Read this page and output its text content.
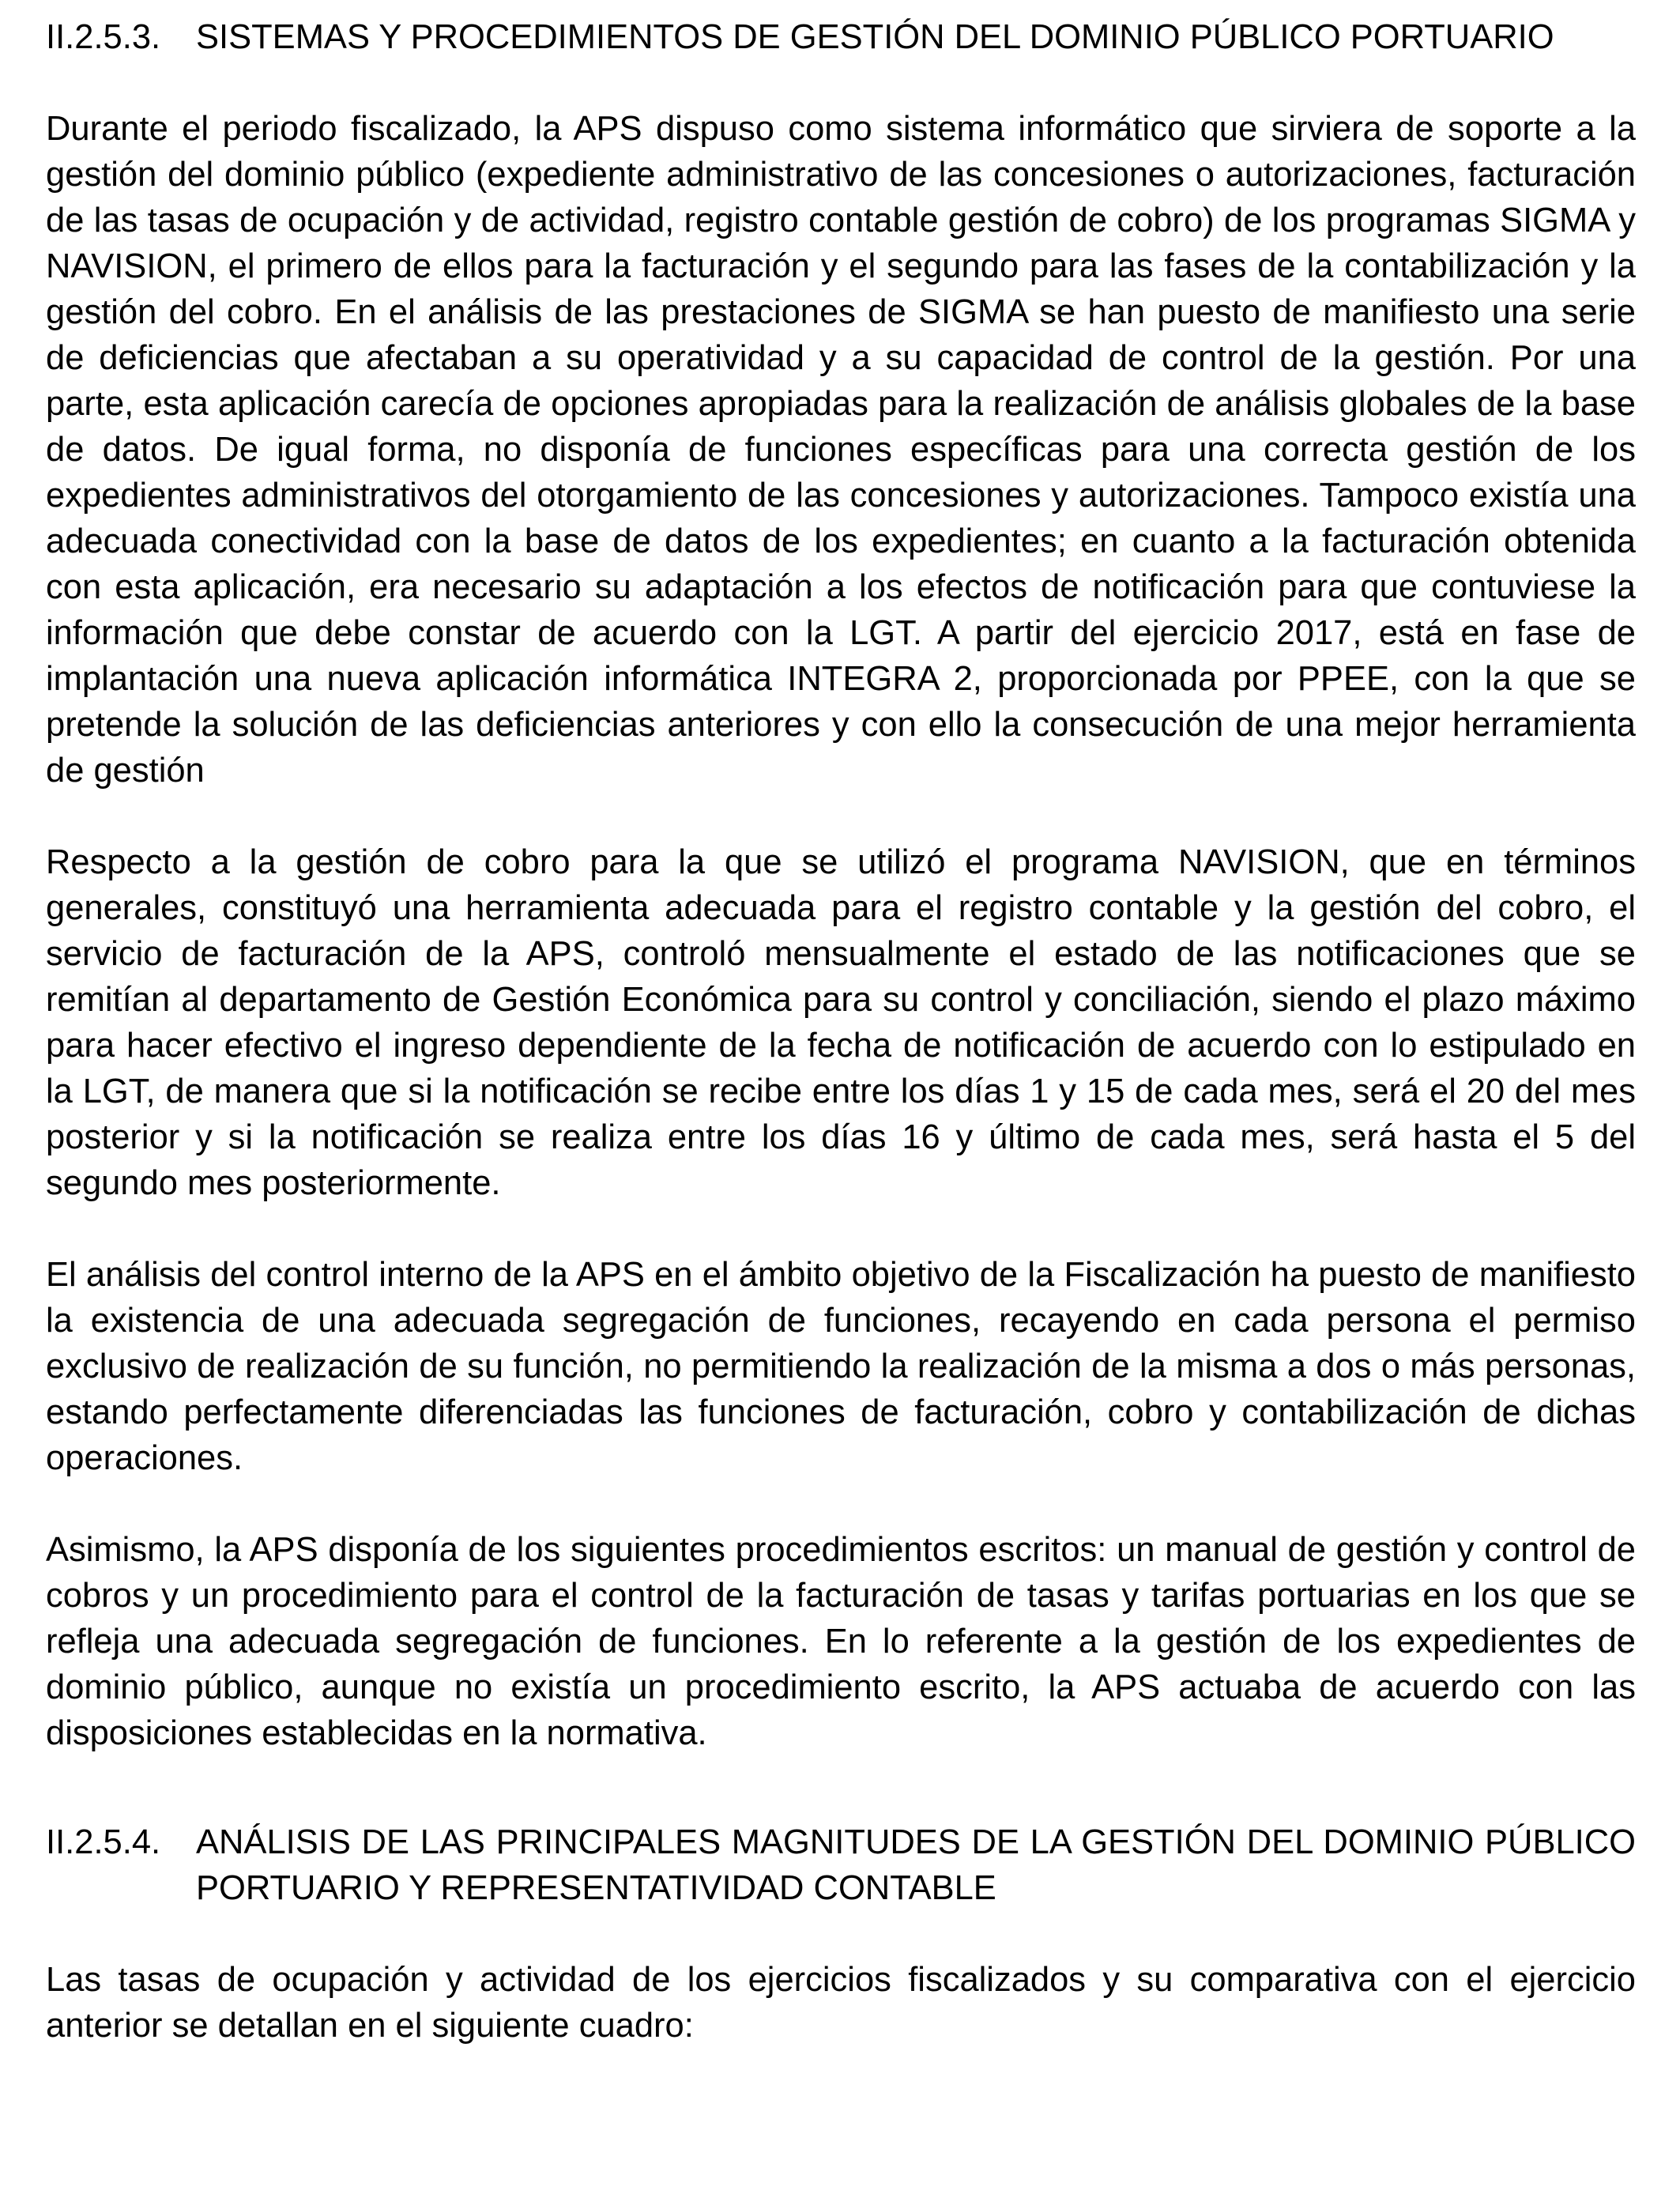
II.2.5.3.	SISTEMAS Y PROCEDIMIENTOS DE GESTIÓN DEL DOMINIO PÚBLICO PORTUARIO

Durante el periodo fiscalizado, la APS dispuso como sistema informático que sirviera de soporte a la gestión del dominio público (expediente administrativo de las concesiones o autorizaciones, facturación de las tasas de ocupación y de actividad, registro contable gestión de cobro) de los programas SIGMA y NAVISION, el primero de ellos para la facturación y el segundo para las fases de la contabilización y la gestión del cobro. En el análisis de las prestaciones de SIGMA se han puesto de manifiesto una serie de deficiencias que afectaban a su operatividad y a su capacidad de control de la gestión. Por una parte, esta aplicación carecía de opciones apropiadas para la realización de análisis globales de la base de datos. De igual forma, no disponía de funciones específicas para una correcta gestión de los expedientes administrativos del otorgamiento de las concesiones y autorizaciones. Tampoco existía una adecuada conectividad con la base de datos de los expedientes; en cuanto a la facturación obtenida con esta aplicación, era necesario su adaptación a los efectos de notificación para que contuviese la información que debe constar de acuerdo con la LGT. A partir del ejercicio 2017, está en fase de implantación una nueva aplicación informática INTEGRA 2, proporcionada por PPEE, con la que se pretende la solución de las deficiencias anteriores y con ello la consecución de una mejor herramienta de gestión

Respecto a la gestión de cobro para la que se utilizó el programa NAVISION, que en términos generales, constituyó una herramienta adecuada para el registro contable y la gestión del cobro, el servicio de facturación de la APS, controló mensualmente el estado de las notificaciones que se remitían al departamento de Gestión Económica para su control y conciliación, siendo el plazo máximo para hacer efectivo el ingreso dependiente de la fecha de notificación de acuerdo con lo estipulado en la LGT, de manera que si la notificación se recibe entre los días 1 y 15 de cada mes, será el 20 del mes posterior y si la notificación se realiza entre los días 16 y último de cada mes, será hasta el 5 del segundo mes posteriormente.

El análisis del control interno de la APS en el ámbito objetivo de la Fiscalización ha puesto de manifiesto la existencia de una adecuada segregación de funciones, recayendo en cada persona el permiso exclusivo de realización de su función, no permitiendo la realización de la misma a dos o más personas, estando perfectamente diferenciadas las funciones de facturación, cobro y contabilización de dichas operaciones.

Asimismo, la APS disponía de los siguientes procedimientos escritos: un manual de gestión y control de cobros y un procedimiento para el control de la facturación de tasas y tarifas portuarias en los que se refleja una adecuada segregación de funciones. En lo referente a la gestión de los expedientes de dominio público, aunque no existía un procedimiento escrito, la APS actuaba de acuerdo con las disposiciones establecidas en la normativa.

II.2.5.4.	ANÁLISIS DE LAS PRINCIPALES MAGNITUDES DE LA GESTIÓN DEL DOMINIO PÚBLICO PORTUARIO Y REPRESENTATIVIDAD CONTABLE

Las tasas de ocupación y actividad de los ejercicios fiscalizados y su comparativa con el ejercicio anterior se detallan en el siguiente cuadro:
